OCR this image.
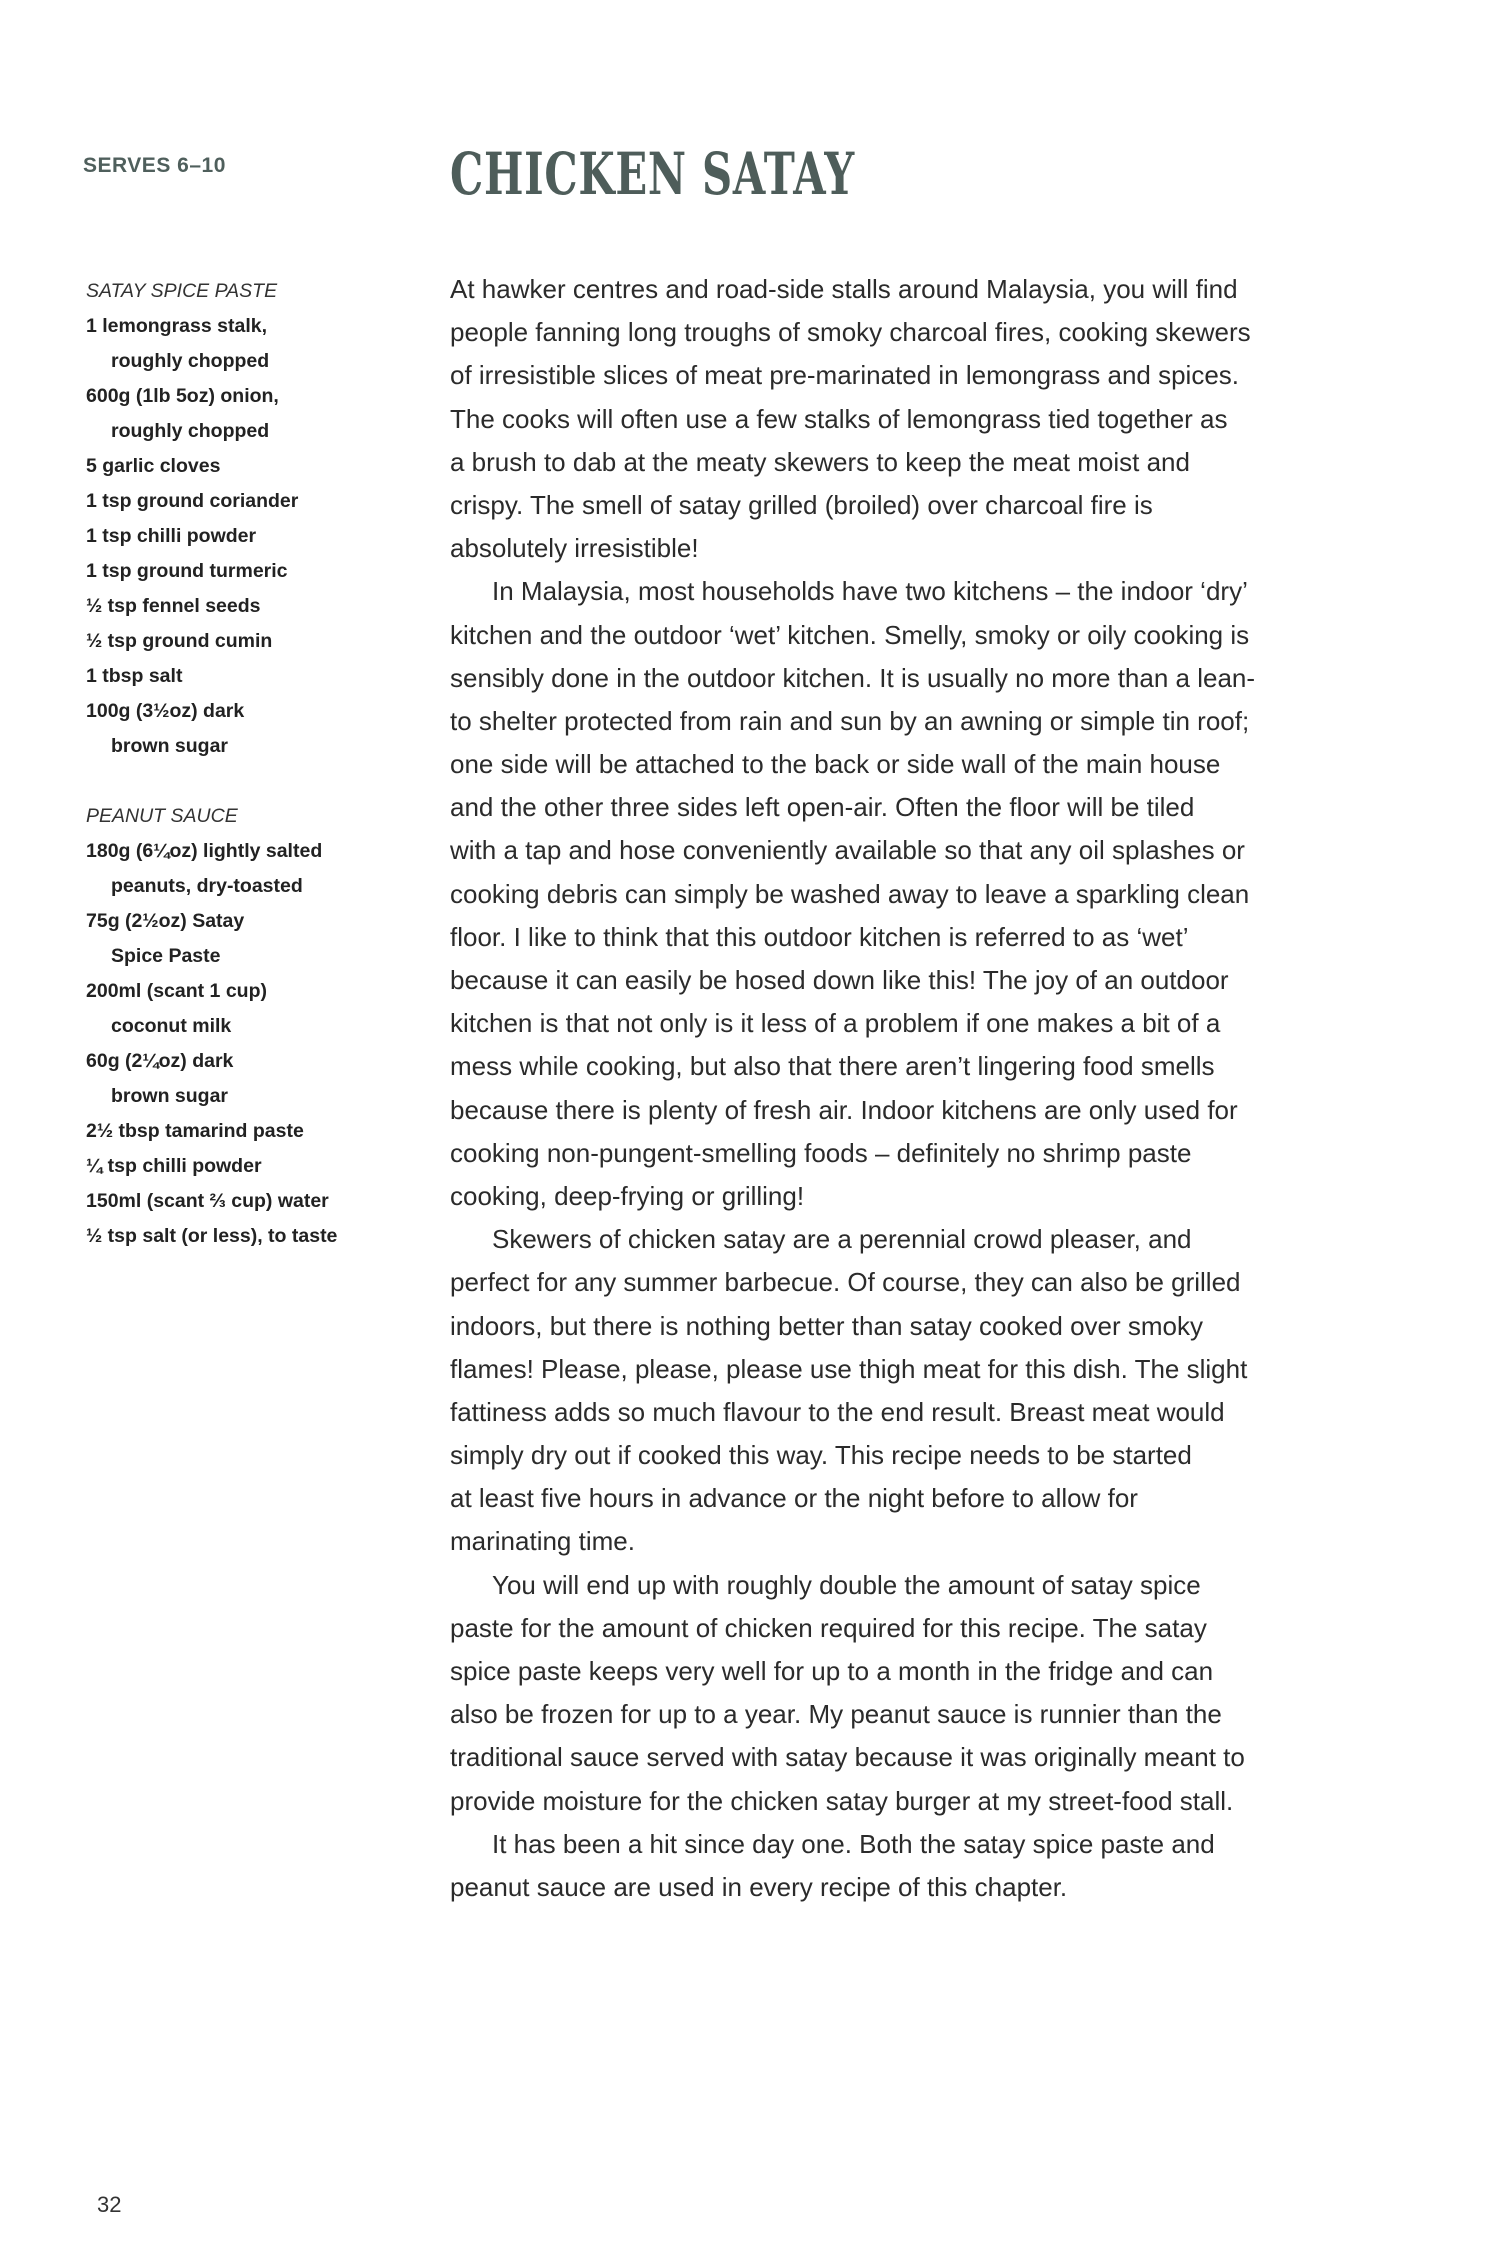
SERVES 6–10	CHICKEN SATAY
SATAY SPICE PASTE
1 lemongrass stalk,
roughly chopped
600g (1lb 5oz) onion,
roughly chopped
5 garlic cloves
1 tsp ground coriander
1 tsp chilli powder
1 tsp ground turmeric
½ tsp fennel seeds
½ tsp ground cumin
1 tbsp salt
100g (3½oz) dark
brown sugar
PEANUT SAUCE
180g (6¼oz) lightly salted
peanuts, dry-toasted
75g (2½oz) Satay
Spice Paste
200ml (scant 1 cup)
coconut milk
60g (2¼oz) dark
brown sugar
2½ tbsp tamarind paste
¼ tsp chilli powder
150ml (scant ⅔ cup) water
½ tsp salt (or less), to taste
At hawker centres and road-side stalls around Malaysia, you will find
people fanning long troughs of smoky charcoal fires, cooking skewers
of irresistible slices of meat pre-marinated in lemongrass and spices.
The cooks will often use a few stalks of lemongrass tied together as
a brush to dab at the meaty skewers to keep the meat moist and
crispy. The smell of satay grilled (broiled) over charcoal fire is
absolutely irresistible!
In Malaysia, most households have two kitchens – the indoor ‘dry’
kitchen and the outdoor ‘wet’ kitchen. Smelly, smoky or oily cooking is
sensibly done in the outdoor kitchen. It is usually no more than a lean-
to shelter protected from rain and sun by an awning or simple tin roof;
one side will be attached to the back or side wall of the main house
and the other three sides left open-air. Often the floor will be tiled
with a tap and hose conveniently available so that any oil splashes or
cooking debris can simply be washed away to leave a sparkling clean
floor. I like to think that this outdoor kitchen is referred to as ‘wet’
because it can easily be hosed down like this! The joy of an outdoor
kitchen is that not only is it less of a problem if one makes a bit of a
mess while cooking, but also that there aren’t lingering food smells
because there is plenty of fresh air. Indoor kitchens are only used for
cooking non-pungent-smelling foods – definitely no shrimp paste
cooking, deep-frying or grilling!
Skewers of chicken satay are a perennial crowd pleaser, and
perfect for any summer barbecue. Of course, they can also be grilled
indoors, but there is nothing better than satay cooked over smoky
flames! Please, please, please use thigh meat for this dish. The slight
fattiness adds so much flavour to the end result. Breast meat would
simply dry out if cooked this way. This recipe needs to be started
at least five hours in advance or the night before to allow for
marinating time.
You will end up with roughly double the amount of satay spice
paste for the amount of chicken required for this recipe. The satay
spice paste keeps very well for up to a month in the fridge and can
also be frozen for up to a year. My peanut sauce is runnier than the
traditional sauce served with satay because it was originally meant to
provide moisture for the chicken satay burger at my street-food stall.
It has been a hit since day one. Both the satay spice paste and
peanut sauce are used in every recipe of this chapter.
32
